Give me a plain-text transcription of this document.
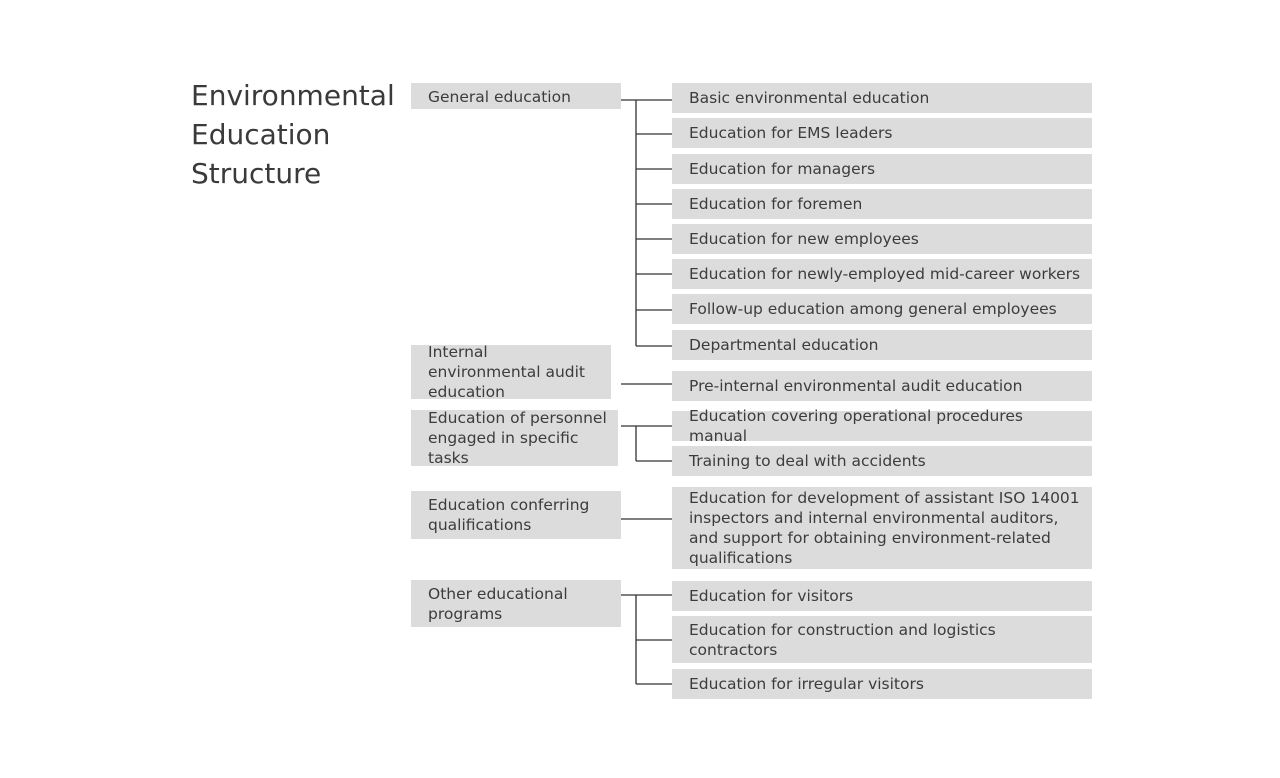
Environmental
Education
Structure
General education
Internal environmental audit education
Education of personnel engaged in specific tasks
Education conferring qualifications
Other educational programs
Basic environmental education
Education for EMS leaders
Education for managers
Education for foremen
Education for new employees
Education for newly-employed mid-career workers
Follow-up education among general employees
Departmental education
Pre-internal environmental audit education
Education covering operational procedures manual
Training to deal with accidents
Education for development of assistant ISO 14001 inspectors and internal environmental auditors, and support for obtaining environment-related qualifications
Education for visitors
Education for construction and logistics contractors
Education for irregular visitors
